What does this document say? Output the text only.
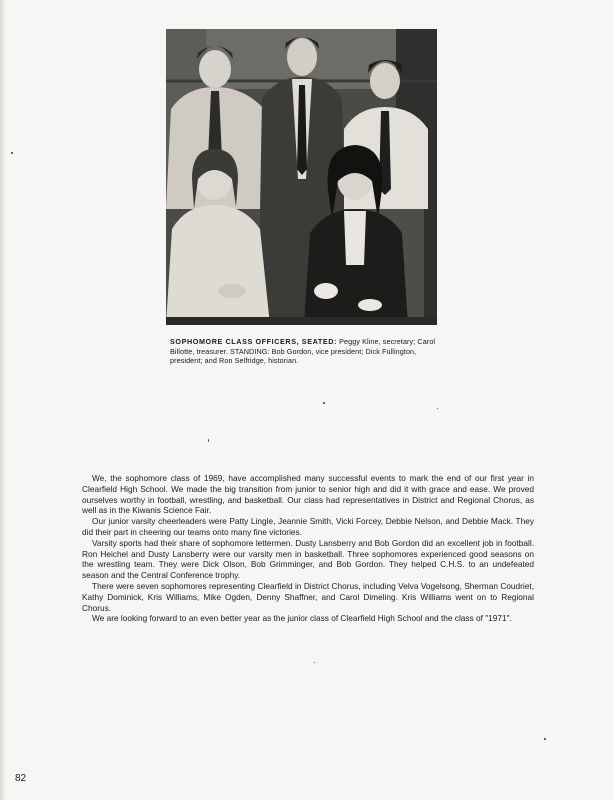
SOPHOMORE CLASS OFFICERS, SEATED: Peggy Kline, secretary; Carol Billotte, treasurer. STANDING: Bob Gordon, vice president; Dick Fullington, president; and Ron Selfridge, historian.

We, the sophomore class of 1969, have accomplished many successful events to mark the end of our first year in Clearfield High School. We made the big transition from junior to senior high and did it with grace and ease. We proved ourselves worthy in football, wrestling, and basketball. Our class had representatives in District and Regional Chorus, as well as in the Kiwanis Science Fair.

Our junior varsity cheerleaders were Patty Lingle, Jeannie Smith, Vicki Forcey, Debbie Nelson, and Debbie Mack. They did their part in cheering our teams onto many fine victories.

Varsity sports had their share of sophomore lettermen. Dusty Lansberry and Bob Gordon did an excellent job in football. Ron Heichel and Dusty Lansberry were our varsity men in basketball. Three sophomores experienced good seasons on the wrestling team. They were Dick Olson, Bob Grimminger, and Bob Gordon. They helped C.H.S. to an undefeated season and the Central Conference trophy.

There were seven sophomores representing Clearfield in District Chorus, including Velva Vogelsong, Sherman Coudriet, Kathy Dominick, Kris Williams, Mike Ogden, Denny Shaffner, and Carol Dimeling. Kris Williams went on to Regional Chorus.

We are looking forward to an even better year as the junior class of Clearfield High School and the class of "1971".

82
